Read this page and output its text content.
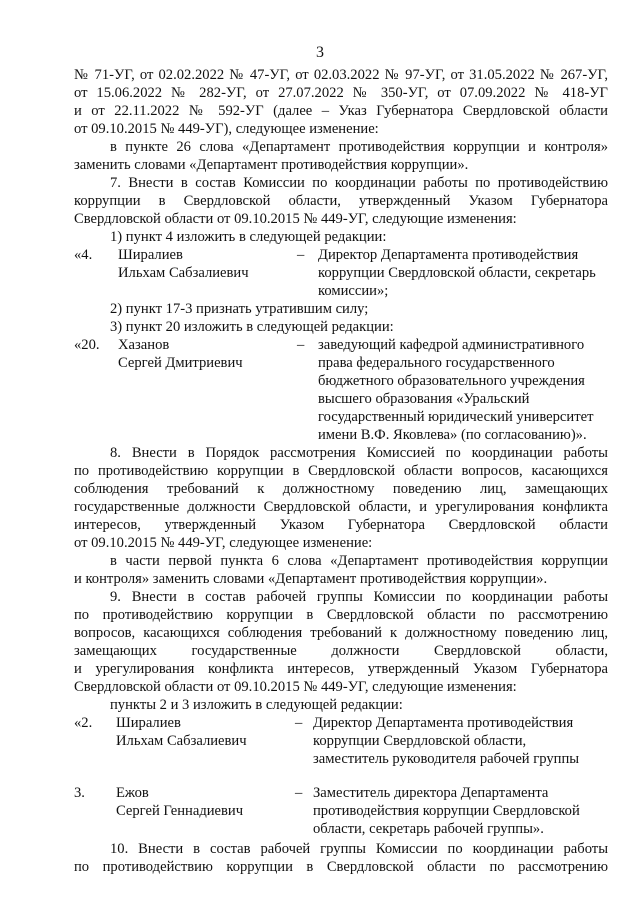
3
№ 71-УГ, от 02.02.2022 № 47-УГ, от 02.03.2022 № 97-УГ, от 31.05.2022 № 267-УГ,
от 15.06.2022 № 282-УГ, от 27.07.2022 № 350-УГ, от 07.09.2022 № 418-УГ
и от 22.11.2022 № 592-УГ (далее – Указ Губернатора Свердловской области
от 09.10.2015 № 449-УГ), следующее изменение:
в пункте 26 слова «Департамент противодействия коррупции и контроля»
заменить словами «Департамент противодействия коррупции».
7. Внести в состав Комиссии по координации работы по противодействию
коррупции в Свердловской области, утвержденный Указом Губернатора
Свердловской области от 09.10.2015 № 449-УГ, следующие изменения:
1) пункт 4 изложить в следующей редакции:
«4. Ширалиев
Ильхам Сабзалиевич
– Директор Департамента противодействия
коррупции Свердловской области, секретарь
комиссии»;
2) пункт 17-3 признать утратившим силу;
3) пункт 20 изложить в следующей редакции:
«20. Хазанов
Сергей Дмитриевич
– заведующий кафедрой административного
права федерального государственного
бюджетного образовательного учреждения
высшего образования «Уральский
государственный юридический университет
имени В.Ф. Яковлева» (по согласованию)».
8. Внести в Порядок рассмотрения Комиссией по координации работы
по противодействию коррупции в Свердловской области вопросов, касающихся
соблюдения требований к должностному поведению лиц, замещающих
государственные должности Свердловской области, и урегулирования конфликта
интересов, утвержденный Указом Губернатора Свердловской области
от 09.10.2015 № 449-УГ, следующее изменение:
в части первой пункта 6 слова «Департамент противодействия коррупции
и контроля» заменить словами «Департамент противодействия коррупции».
9. Внести в состав рабочей группы Комиссии по координации работы
по противодействию коррупции в Свердловской области по рассмотрению
вопросов, касающихся соблюдения требований к должностному поведению лиц,
замещающих государственные должности Свердловской области,
и урегулирования конфликта интересов, утвержденный Указом Губернатора
Свердловской области от 09.10.2015 № 449-УГ, следующие изменения:
пункты 2 и 3 изложить в следующей редакции:
«2. Ширалиев
Ильхам Сабзалиевич
– Директор Департамента противодействия
коррупции Свердловской области,
заместитель руководителя рабочей группы
3. Ежов
Сергей Геннадиевич
– Заместитель директора Департамента
противодействия коррупции Свердловской
области, секретарь рабочей группы».
10. Внести в состав рабочей группы Комиссии по координации работы
по противодействию коррупции в Свердловской области по рассмотрению
